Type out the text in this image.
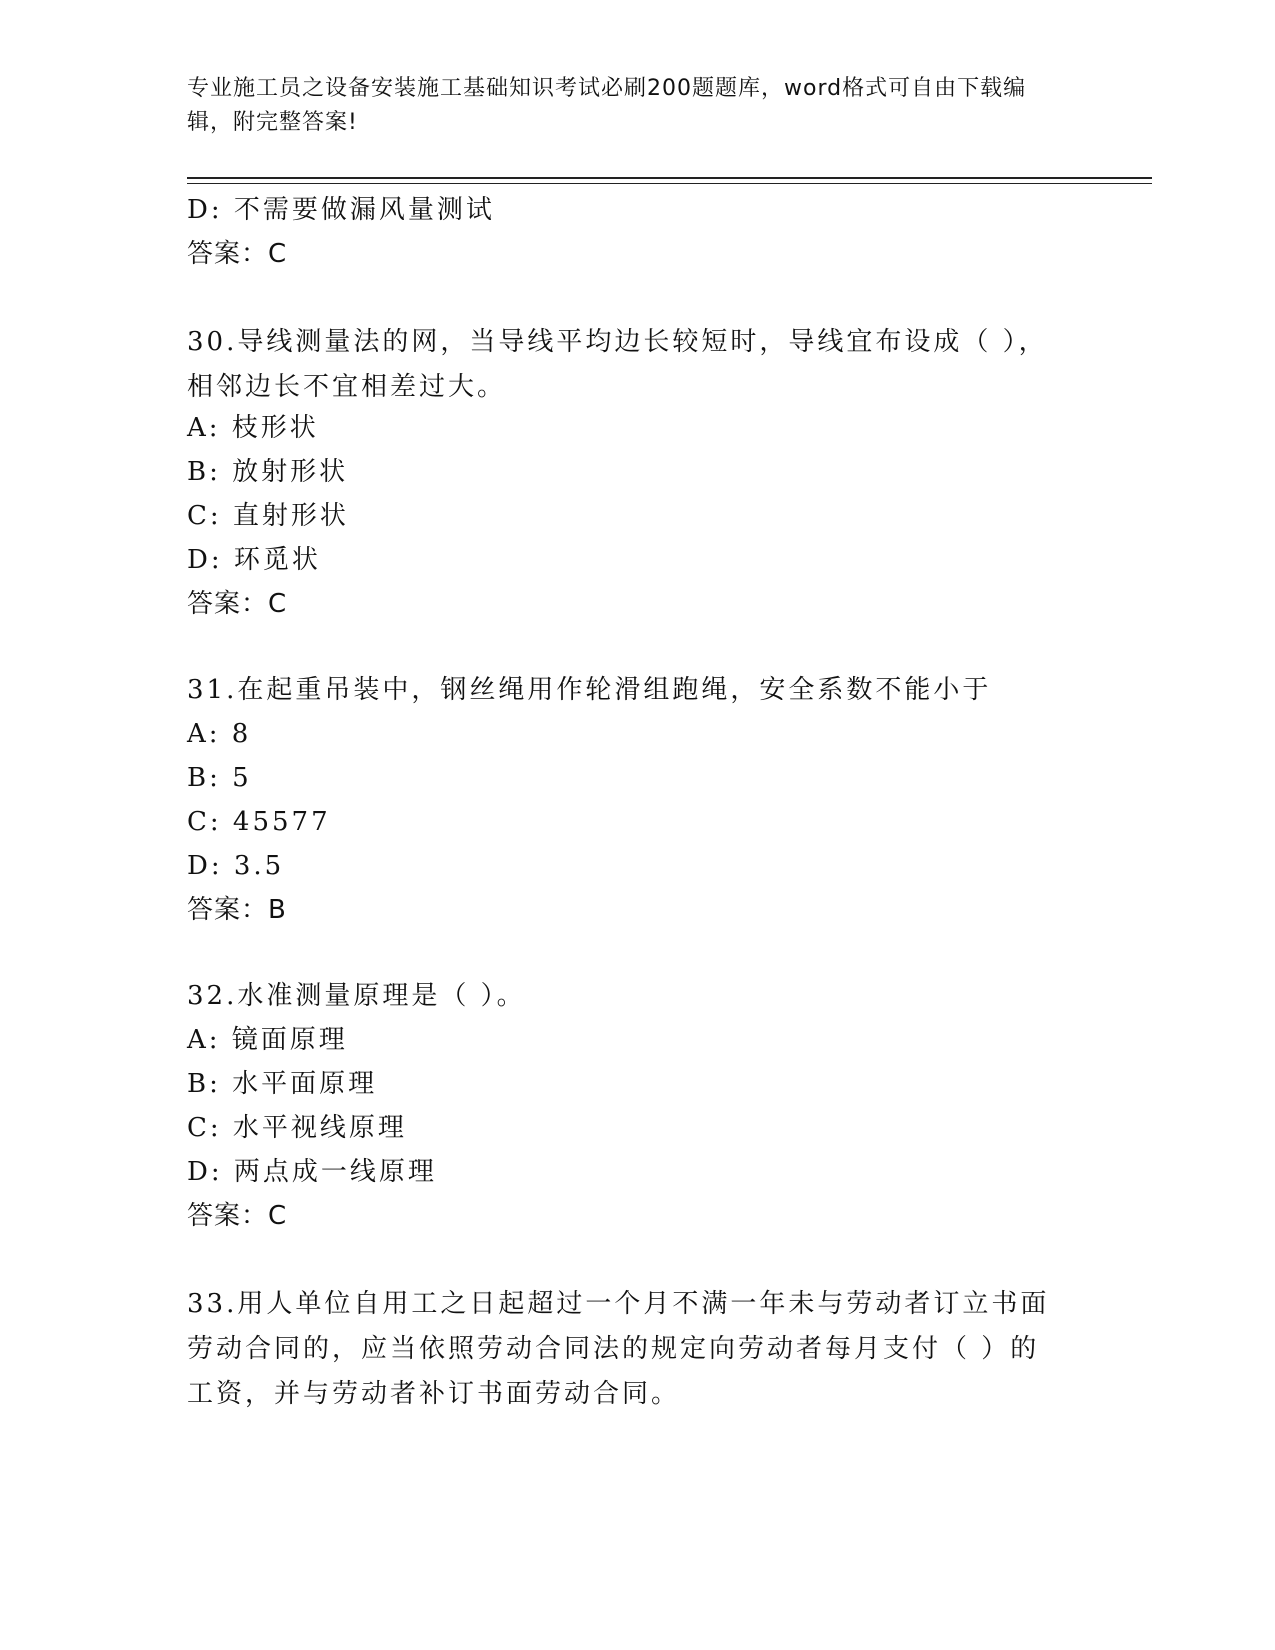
专业施工员之设备安装施工基础知识考试必刷200题题库，word格式可自由下载编辑，附完整答案!
D: 不需要做漏风量测试
答案：C
30.导线测量法的网，当导线平均边长较短时，导线宜布设成（ ），相邻边长不宜相差过大。
A: 枝形状
B: 放射形状
C: 直射形状
D: 环觅状
答案：C
31.在起重吊装中，钢丝绳用作轮滑组跑绳，安全系数不能小于
A: 8
B: 5
C: 45577
D: 3.5
答案：B
32.水准测量原理是（ ）。
A: 镜面原理
B: 水平面原理
C: 水平视线原理
D: 两点成一线原理
答案：C
33.用人单位自用工之日起超过一个月不满一年未与劳动者订立书面劳动合同的，应当依照劳动合同法的规定向劳动者每月支付（ ）的工资，并与劳动者补订书面劳动合同。
